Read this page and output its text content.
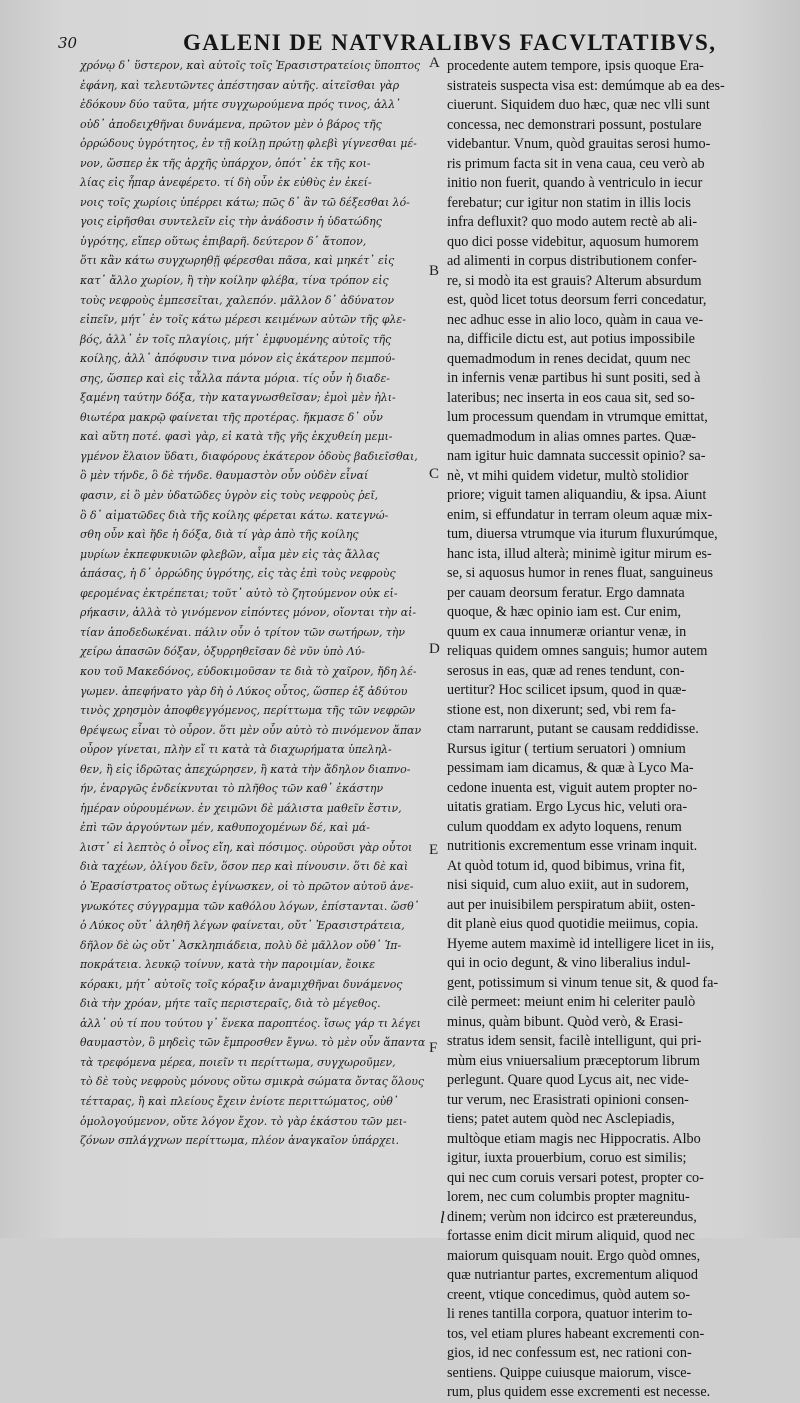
30	GALENI DE NATVRALIBVS FACVLTATIBVS,
χρόνῳ δ᾽ ὕστερον, καὶ αὐτοῖς τοῖς Ἐρασιστρατείοις ὕποπτος
ἐφάνη, καὶ τελευτῶντες ἀπέστησαν αὐτῆς. αἰτεῖσθαι γὰρ
ἐδόκουν δύο ταῦτα, μήτε συγχωρούμενα πρός τινος, ἀλλ᾽
οὐδ᾽ ἀποδειχθῆναι δυνάμενα, πρῶτον μὲν ὁ βάρος τῆς
ὀρρώδους ὑγρότητος, ἐν τῇ κοίλῃ πρώτῃ φλεβὶ γίγνεσθαι μέ-
νον, ὥσπερ ἐκ τῆς ἀρχῆς ὑπάρχον, ὁπότ᾽ ἐκ τῆς κοι-
λίας εἰς ἧπαρ ἀνεφέρετο. τί δὴ οὖν ἐκ εὐθὺς ἐν ἐκεί-
νοις τοῖς χωρίοις ὑπέρρει κάτω; πῶς δ᾽ ἂν τῶ δέξεσθαι λό-
γοις εἰρῆσθαι συντελεῖν εἰς τὴν ἀνάδοσιν ἡ ὑδατώδης
ὑγρότης, εἴπερ οὕτως ἐπιβαρῆ. δεύτερον δ᾽ ἄτοπον,
ὅτι κἂν κάτω συγχωρηθῇ φέρεσθαι πᾶσα, καὶ μηκέτ᾽ εἰς
κατ᾽ ἄλλο χωρίον, ἢ τὴν κοίλην φλέβα, τίνα τρόπον εἰς
τοὺς νεφροὺς ἐμπεσεῖται, χαλεπόν. μᾶλλον δ᾽ ἀδύνατον
εἰπεῖν, μήτ᾽ ἐν τοῖς κάτω μέρεσι κειμένων αὐτῶν τῆς φλε-
βός, ἀλλ᾽ ἐν τοῖς πλαγίοις, μήτ᾽ ἐμφυομένης αὐτοῖς τῆς
κοίλης, ἀλλ᾽ ἀπόφυσιν τινα μόνον εἰς ἑκάτερον πεμπού-
σης, ὥσπερ καὶ εἰς τἆλλα πάντα μόρια. τίς οὖν ἡ διαδε-
ξαμένη ταύτην δόξα, τὴν καταγνωσθεῖσαν; ἐμοὶ μὲν ἠλι-
θιωτέρα μακρῷ φαίνεται τῆς προτέρας. ἤκμασε δ᾽ οὖν
καὶ αὕτη ποτέ. φασὶ γὰρ, εἰ κατὰ τῆς γῆς ἐκχυθείη μεμι-
γμένον ἔλαιον ὕδατι, διαφόρους ἑκάτερον ὁδοὺς βαδιεῖσθαι,
ὃ μὲν τήνδε, ὃ δὲ τήνδε. θαυμαστὸν οὖν οὐδὲν εἶναί
φασιν, εἰ ὃ μὲν ὑδατῶδες ὑγρὸν εἰς τοὺς νεφροὺς ῥεῖ,
ὃ δ᾽ αἱματῶδες διὰ τῆς κοίλης φέρεται κάτω. κατεγνώ-
σθη οὖν καὶ ἥδε ἡ δόξα, διὰ τί γὰρ ἀπὸ τῆς κοίλης
μυρίων ἐκπεφυκυιῶν φλεβῶν, αἷμα μὲν εἰς τὰς ἄλλας
ἁπάσας, ἡ δ᾽ ὀρρώδης ὑγρότης, εἰς τὰς ἐπὶ τοὺς νεφροὺς
φερομένας ἐκτρέπεται; τοῦτ᾽ αὐτὸ τὸ ζητούμενον οὐκ εἰ-
ρήκασιν, ἀλλὰ τὸ γινόμενον εἰπόντες μόνον, οἴονται τὴν αἰ-
τίαν ἀποδεδωκέναι. πάλιν οὖν ὁ τρίτον τῶν σωτήρων, τὴν
χείρω ἁπασῶν δόξαν, ὀξυρρηθεῖσαν δὲ νῦν ὑπὸ Λύ-
κου τοῦ Μακεδόνος, εὐδοκιμοῦσαν τε διὰ τὸ χαῖρον, ἤδη λέ-
γωμεν. ἀπεφήνατο γὰρ δὴ ὁ Λύκος οὗτος, ὥσπερ ἐξ ἀδύτου
τινὸς χρησμὸν ἀποφθεγγόμενος, περίττωμα τῆς τῶν νεφρῶν
θρέψεως εἶναι τὸ οὖρον. ὅτι μὲν οὖν αὐτὸ τὸ πινόμενον ἅπαν
οὖρον γίνεται, πλὴν εἴ τι κατὰ τὰ διαχωρήματα ὑπεληλ-
θεν, ἢ εἰς ἱδρῶτας ἀπεχώρησεν, ἢ κατὰ τὴν ἄδηλον διαπνο-
ήν, ἐναργῶς ἐνδείκνυται τὸ πλῆθος τῶν καθ᾽ ἑκάστην
ἡμέραν οὐρουμένων. ἐν χειμῶνι δὲ μάλιστα μαθεῖν ἔστιν,
ἐπὶ τῶν ἀργούντων μέν, καθυποχομένων δέ, καὶ μά-
λιστ᾽ εἰ λεπτὸς ὁ οἶνος εἴη, καὶ πόσιμος. οὐροῦσι γὰρ οὗτοι
διὰ ταχέων, ὀλίγου δεῖν, ὅσον περ καὶ πίνουσιν. ὅτι δὲ καὶ
ὁ Ἐρασίστρατος οὕτως ἐγίνωσκεν, οἱ τὸ πρῶτον αὐτοῦ ἀνε-
γνωκότες σύγγραμμα τῶν καθόλου λόγων, ἐπίστανται. ὥσθ᾽
ὁ Λύκος οὔτ᾽ ἀληθῆ λέγων φαίνεται, οὔτ᾽ Ἐρασιστράτεια,
δῆλον δὲ ὡς οὔτ᾽ Ἀσκληπιάδεια, πολὺ δὲ μᾶλλον οὔθ᾽ Ἱπ-
ποκράτεια. λευκῷ τοίνυν, κατὰ τὴν παροιμίαν, ἔοικε
κόρακι, μήτ᾽ αὐτοῖς τοῖς κόραξιν ἀναμιχθῆναι δυνάμενος
διὰ τὴν χρόαν, μήτε ταῖς περιστεραῖς, διὰ τὸ μέγεθος.
ἀλλ᾽ οὐ τί που τούτου γ᾽ ἕνεκα παροπτέος. ἴσως γάρ τι λέγει
θαυμαστὸν, ὃ μηδεὶς τῶν ἔμπροσθεν ἔγνω. τὸ μὲν οὖν ἅπαντα
τὰ τρεφόμενα μέρεα, ποιεῖν τι περίττωμα, συγχωροῦμεν,
τὸ δὲ τοὺς νεφροὺς μόνους οὕτω σμικρὰ σώματα ὄντας ὅλους
τέτταρας, ἢ καὶ πλείους ἔχειν ἐνίοτε περιττώματος, οὐθ᾽
ὁμολογούμενον, οὔτε λόγον ἔχον. τὸ γὰρ ἑκάστου τῶν μει-
ζόνων σπλάγχνων περίττωμα, πλέον ἀναγκαῖον ὑπάρχει.
procedente autem tempore, ipsis quoque Era-
sistrateis suspecta visa est: demúmque ab ea des-
ciuerunt. Siquidem duo hæc, quæ nec vlli sunt
concessa, nec demonstrari possunt, postulare
videbantur. Vnum, quòd grauitas serosi humo-
ris primum facta sit in vena caua, ceu verò ab
initio non fuerit, quando à ventriculo in iecur
ferebatur; cur igitur non statim in illis locis
infra defluxit? quo modo autem rectè ab ali-
quo dici posse videbitur, aquosum humorem
ad alimenti in corpus distributionem confer-
re, si modò ita est grauis? Alterum absurdum
est, quòd licet totus deorsum ferri concedatur,
nec adhuc esse in alio loco, quàm in caua ve-
na, difficile dictu est, aut potius impossibile
quemadmodum in renes decidat, quum nec
in infernis venæ partibus hi sunt positi, sed à
lateribus; nec inserta in eos caua sit, sed so-
lum processum quendam in vtrumque emittat,
quemadmodum in alias omnes partes. Quæ-
nam igitur huic damnata successit opinio? sa-
nè, vt mihi quidem videtur, multò stolidior
priore; viguit tamen aliquandiu, & ipsa. Aiunt
enim, si effundatur in terram oleum aquæ mix-
tum, diuersa vtrumque via iturum fluxurúmque,
hanc ista, illud alterà; minimè igitur mirum es-
se, si aquosus humor in renes fluat, sanguineus
per cauam deorsum feratur. Ergo damnata
quoque, & hæc opinio iam est. Cur enim,
quum ex caua innumeræ oriantur venæ, in
reliquas quidem omnes sanguis; humor autem
serosus in eas, quæ ad renes tendunt, con-
uertitur? Hoc scilicet ipsum, quod in quæ-
stione est, non dixerunt; sed, vbi rem fa-
ctam narrarunt, putant se causam reddidisse.
Rursus igitur ( tertium seruatori ) omnium
pessimam iam dicamus, & quæ à Lyco Ma-
cedone inuenta est, viguit autem propter no-
uitatis gratiam. Ergo Lycus hic, veluti ora-
culum quoddam ex adyto loquens, renum
nutritionis excrementum esse vrinam inquit.
At quòd totum id, quod bibimus, vrina fit,
nisi siquid, cum aluo exiit, aut in sudorem,
aut per inuisibilem perspiratum abiit, osten-
dit planè eius quod quotidie meiimus, copia.
Hyeme autem maximè id intelligere licet in iis,
qui in ocio degunt, & vino liberalius indul-
gent, potissimum si vinum tenue sit, & quod fa-
cilè permeet: meiunt enim hi celeriter paulò
minus, quàm bibunt. Quòd verò, & Erasi-
stratus idem sensit, facilè intelligunt, qui pri-
mùm eius vniuersalium præceptorum librum
perlegunt. Quare quod Lycus ait, nec vide-
tur verum, nec Erasistrati opinioni consen-
tiens; patet autem quòd nec Asclepiadis,
multòque etiam magis nec Hippocratis. Albo
igitur, iuxta prouerbium, coruo est similis;
qui nec cum coruis versari potest, propter co-
lorem, nec cum columbis propter magnitu-
dinem; verùm non idcirco est prætereundus,
fortasse enim dicit mirum aliquid, quod nec
maiorum quisquam nouit. Ergo quòd omnes,
quæ nutriantur partes, excrementum aliquod
creent, vtique concedimus, quòd autem so-
li renes tantilla corpora, quatuor interim to-
tos, vel etiam plures habeant excrementi con-
gios, id nec confessum est, nec rationi con-
sentiens. Quippe cuiusque maiorum, visce-
rum, plus quidem esse excrementi est necesse.
A
B
C
D
E
F
l
